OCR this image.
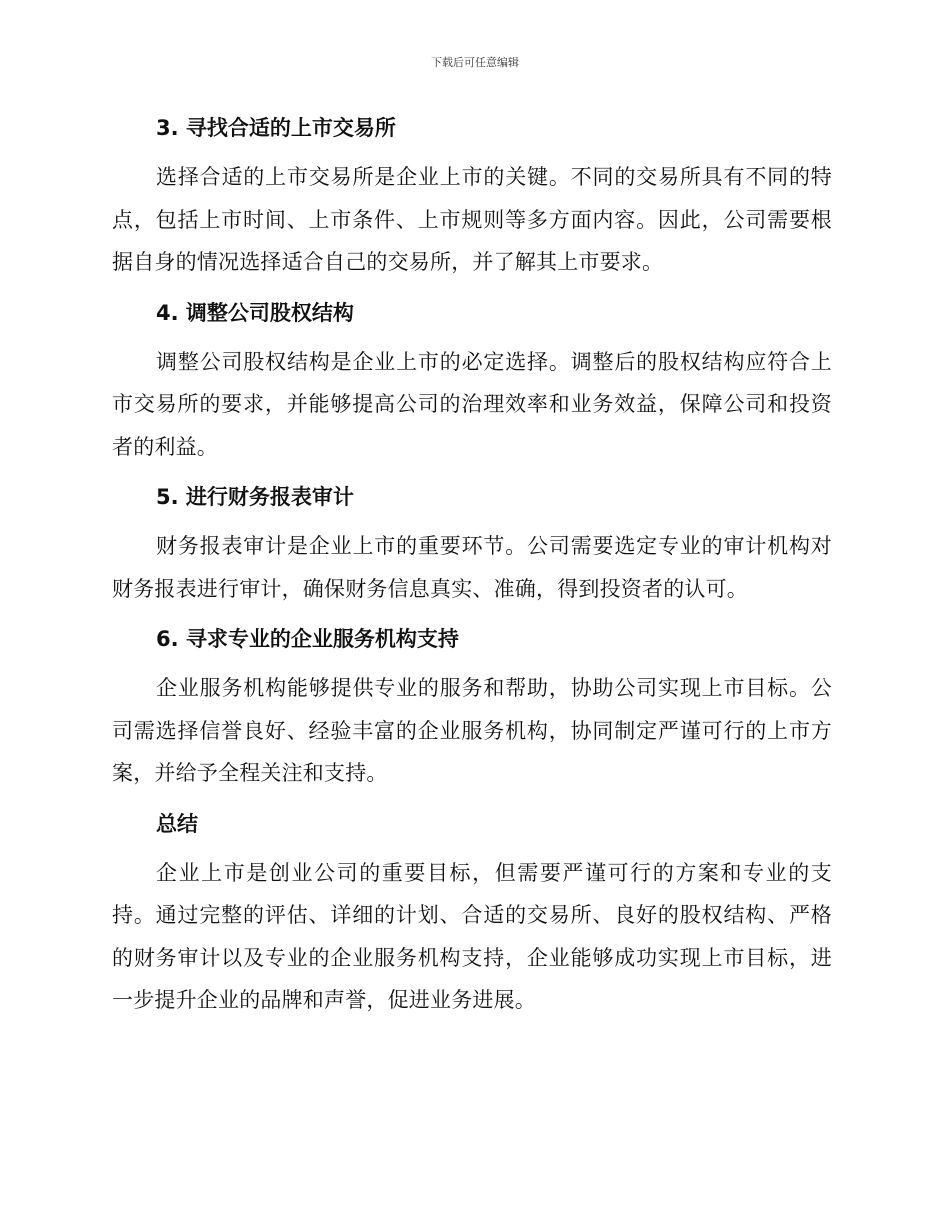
下载后可任意编辑
3. 寻找合适的上市交易所

选择合适的上市交易所是企业上市的关键。不同的交易所具有不同的特点，包括上市时间、上市条件、上市规则等多方面内容。因此，公司需要根据自身的情况选择适合自己的交易所，并了解其上市要求。

4. 调整公司股权结构

调整公司股权结构是企业上市的必定选择。调整后的股权结构应符合上市交易所的要求，并能够提高公司的治理效率和业务效益，保障公司和投资者的利益。

5. 进行财务报表审计

财务报表审计是企业上市的重要环节。公司需要选定专业的审计机构对财务报表进行审计，确保财务信息真实、准确，得到投资者的认可。

6. 寻求专业的企业服务机构支持

企业服务机构能够提供专业的服务和帮助，协助公司实现上市目标。公司需选择信誉良好、经验丰富的企业服务机构，协同制定严谨可行的上市方案，并给予全程关注和支持。

总结

企业上市是创业公司的重要目标，但需要严谨可行的方案和专业的支持。通过完整的评估、详细的计划、合适的交易所、良好的股权结构、严格的财务审计以及专业的企业服务机构支持，企业能够成功实现上市目标，进一步提升企业的品牌和声誉，促进业务进展。
